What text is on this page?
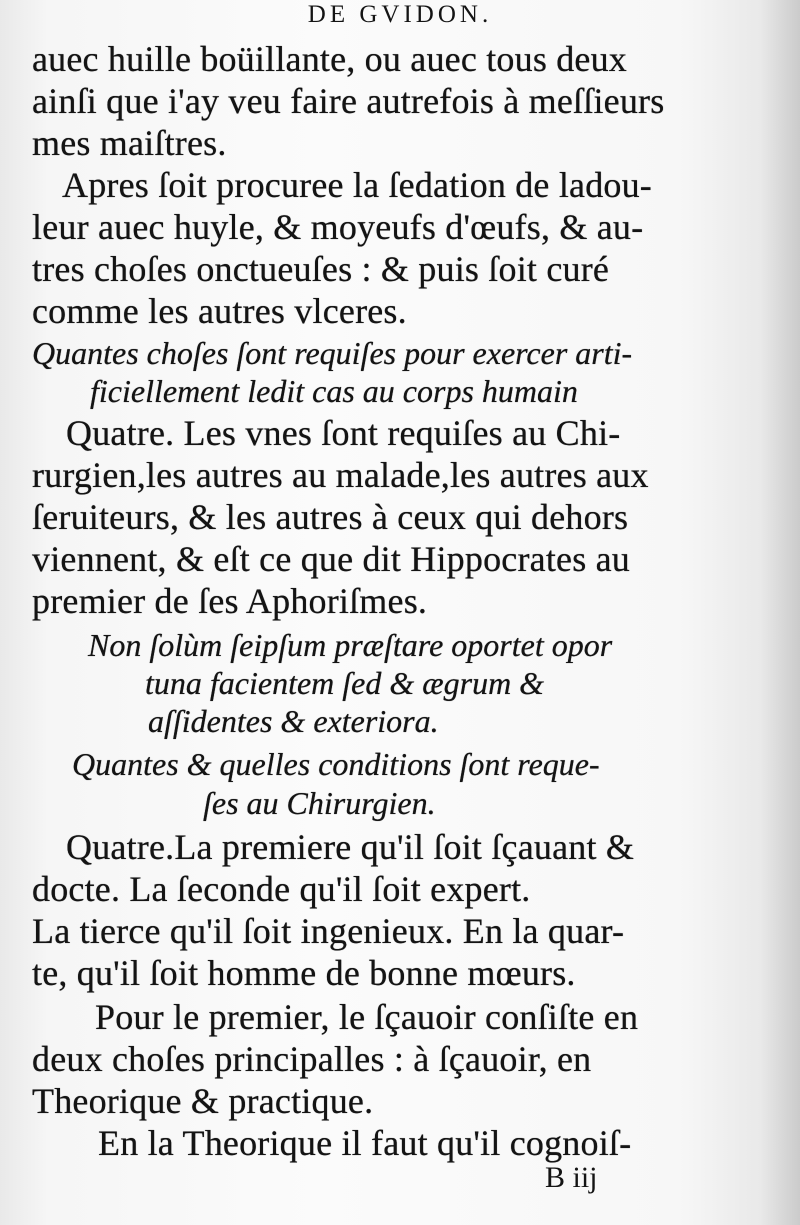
DE GVIDON.
auec huille boüillante, ou auec tous deux
ainſi que i'ay veu faire autrefois à meſſieurs
mes maiſtres.
Apres ſoit procuree la ſedation de ladou-
leur auec huyle, & moyeufs d'œufs, & au-
tres choſes onctueuſes : & puis ſoit curé
comme les autres vlceres.
Quantes choſes ſont requiſes pour exercer arti-
ficiellement ledit cas au corps humain
Quatre. Les vnes ſont requiſes au Chi-
rurgien,les autres au malade,les autres aux
ſeruiteurs, & les autres à ceux qui dehors
viennent, & eſt ce que dit Hippocrates au
premier de ſes Aphoriſmes.
Non ſolùm ſeipſum præſtare oportet opor
tuna facientem ſed & ægrum &
aſſidentes & exteriora.
Quantes & quelles conditions ſont reque-
ſes au Chirurgien.
Quatre.La premiere qu'il ſoit ſçauant &
docte. La ſeconde qu'il ſoit expert.
La tierce qu'il ſoit ingenieux. En la quar-
te, qu'il ſoit homme de bonne mœurs.
Pour le premier, le ſçauoir conſiſte en
deux choſes principalles : à ſçauoir, en
Theorique & practique.
En la Theorique il faut qu'il cognoiſ-
B iij
